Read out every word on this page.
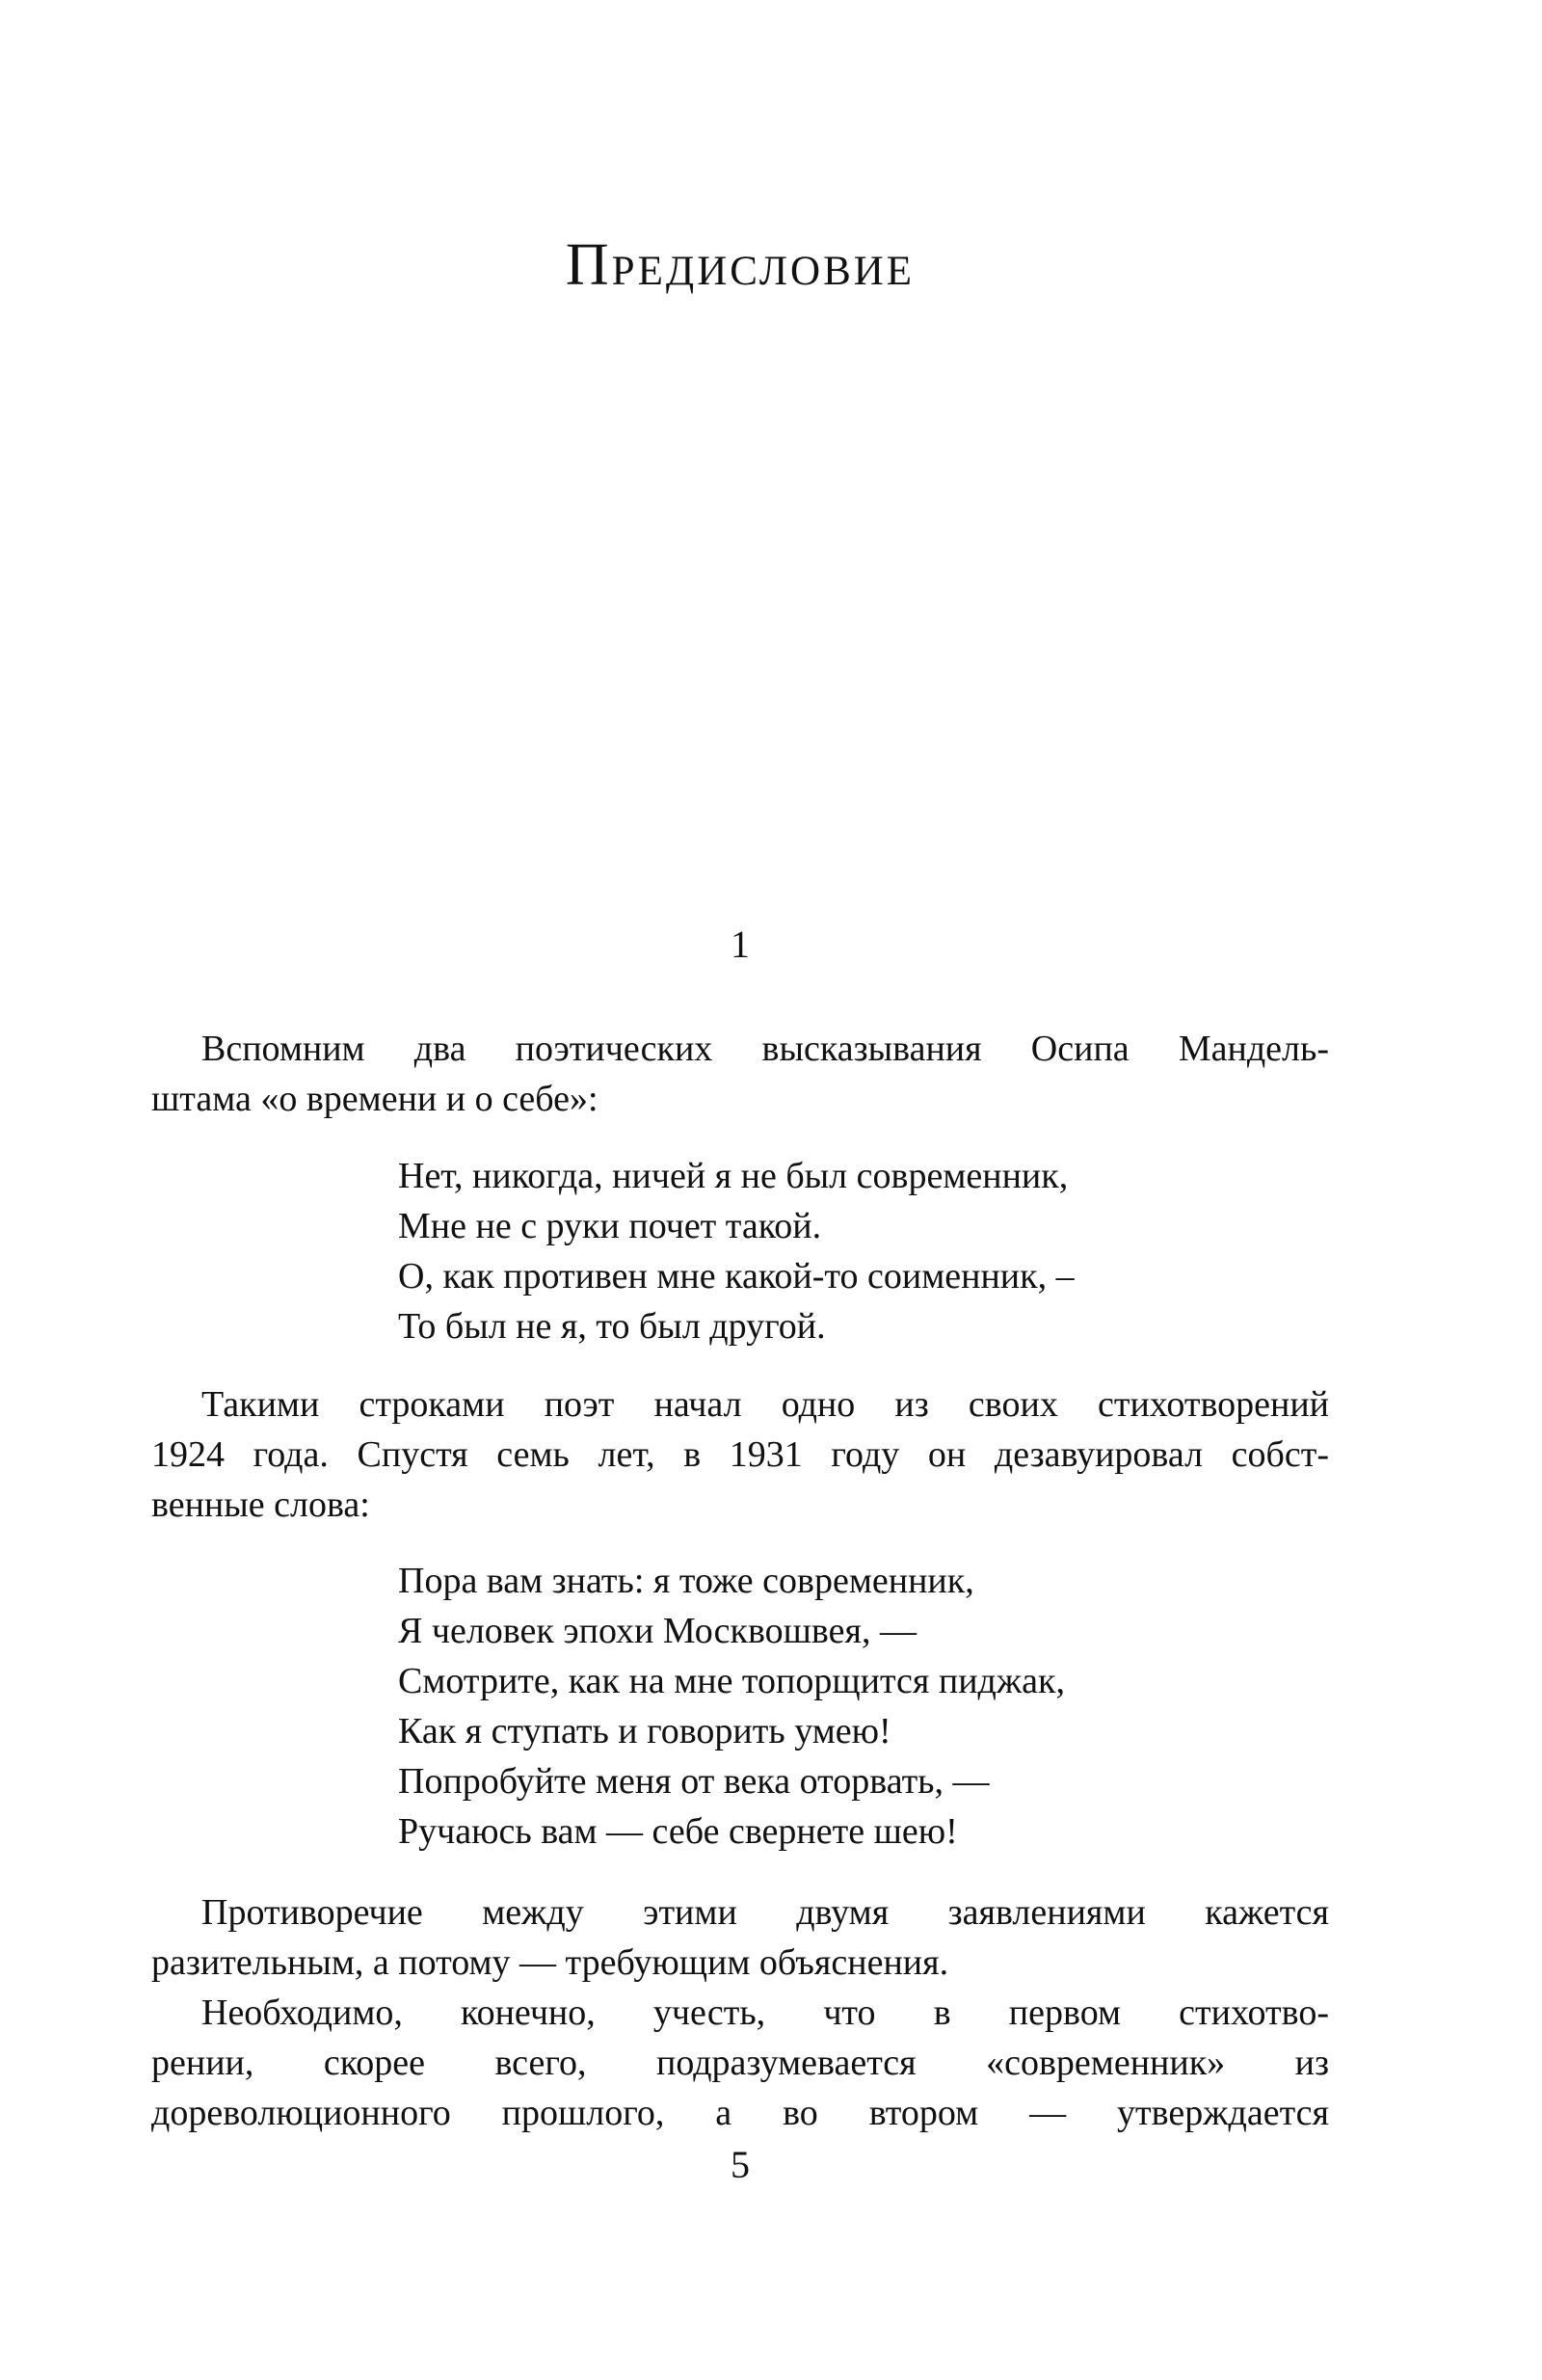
Предисловие
1
Вспомним два поэтических высказывания Осипа Мандель-
штама «о времени и о себе»:
Нет, никогда, ничей я не был современник,
Мне не с руки почет такой.
О, как противен мне какой-то соименник, –
То был не я, то был другой.
Такими строками поэт начал одно из своих стихотворений
1924 года. Спустя семь лет, в 1931 году он дезавуировал собст-
венные слова:
Пора вам знать: я тоже современник,
Я человек эпохи Москвошвея, —
Смотрите, как на мне топорщится пиджак,
Как я ступать и говорить умею!
Попробуйте меня от века оторвать, —
Ручаюсь вам — себе свернете шею!
Противоречие между этими двумя заявлениями кажется
разительным, а потому — требующим объяснения.
Необходимо, конечно, учесть, что в первом стихотво-
рении, скорее всего, подразумевается «современник» из
дореволюционного прошлого, а во втором — утверждается
5
